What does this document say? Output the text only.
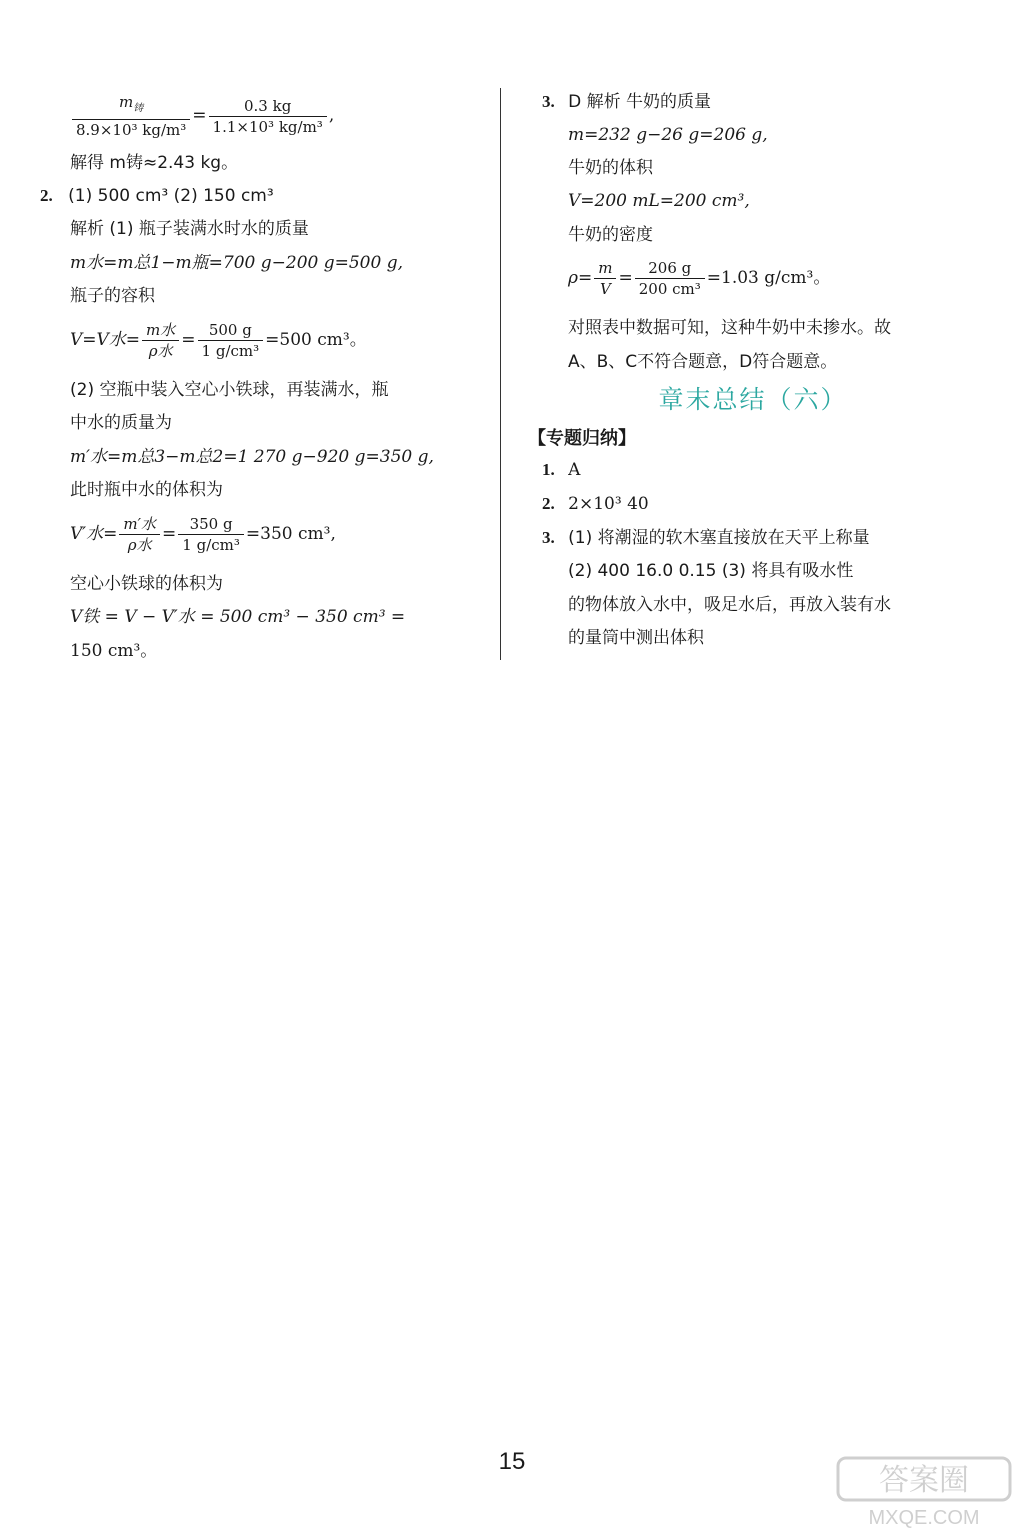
$\frac{m_铸}{\text{8.9×10³ kg/m³}} = \frac{0.3 kg}{\text{1.1×10³ kg/m³}}$ ,
解得 m铸≈2.43 kg。
2. (1) 500 cm³ (2) 150 cm³
解析 (1) 瓶子装满水时水的质量
m水=m总1−m瓶=700 g−200 g=500 g,
瓶子的容积
V=V水= $\frac{\text{m水}}{\text{ρ水}} = \frac{500 g}{\text{1 g/cm³}} =500$ cm³。
(2) 空瓶中装入空心小铁球，再装满水，瓶
中水的质量为
m′水=m总3−m总2=1 270 g−920 g=350 g,
此时瓶中水的体积为
V′水= $\frac{\text{m′水}}{\text{ρ水}} = \frac{350 g}{\text{1 g/cm³}} =350$ cm³,
空心小铁球的体积为
V铁 = V − V′水 = 500 cm³ − 350 cm³ =
150 cm³。
3. D 解析 牛奶的质量
m=232 g−26 g=206 g,
牛奶的体积
V=200 mL=200 cm³,
牛奶的密度
$\rho= \frac{m}{V} = \frac{206 g}{\text{200 cm³}} =1.03$ g/cm³。
对照表中数据可知，这种牛奶中未掺水。故
A、B、C不符合题意，D符合题意。
章末总结（六）
【专题归纳】
1. A
2. 2×10³ 40
3. (1) 将潮湿的软木塞直接放在天平上称量
(2) 400 16.0 0.15 (3) 将具有吸水性
的物体放入水中，吸足水后，再放入装有水
的量筒中测出体积
15
答案圈
MXQE.COM
